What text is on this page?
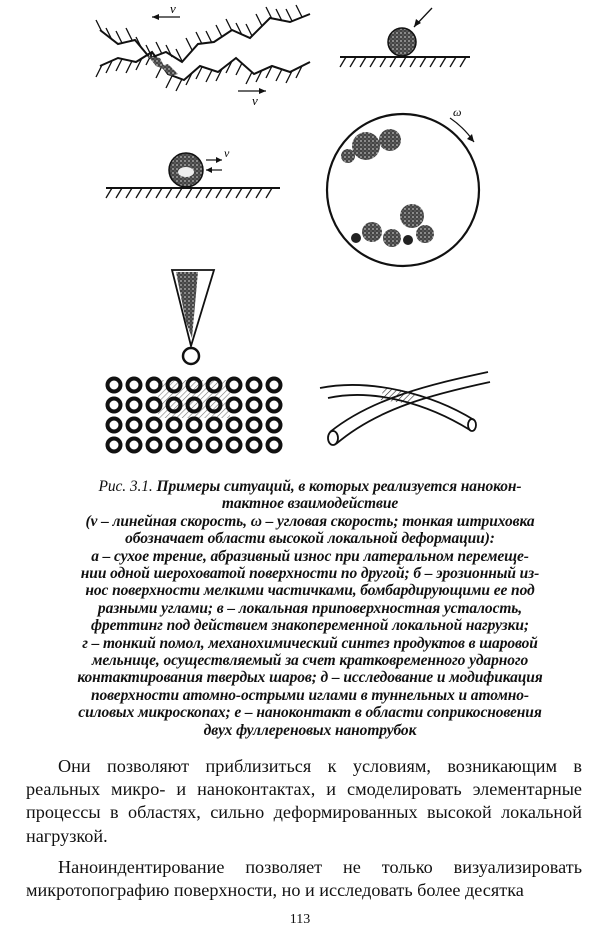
v
v
v
ω
Рис. 3.1. Примеры ситуаций, в которых реализуется нанокон-
тактное взаимодействие
(v – линейная скорость, ω – угловая скорость; тонкая штриховка
обозначает области высокой локальной деформации):
а – сухое трение, абразивный износ при латеральном перемеще-
нии одной шероховатой поверхности по другой; б – эрозионный из-
нос поверхности мелкими частичками, бомбардирующими ее под
разными углами; в – локальная приповерхностная усталость,
фреттинг под действием знакопеременной локальной нагрузки;
г – тонкий помол, механохимический синтез продуктов в шаровой
мельнице, осуществляемый за счет кратковременного ударного
контактирования твердых шаров; д – исследование и модификация
поверхности атомно-острыми иглами в туннельных и атомно-
силовых микроскопах; е – наноконтакт в области соприкосновения
двух фуллереновых нанотрубок

Они позволяют приблизиться к условиям, возникающим в реальных микро- и наноконтактах, и смоделировать элементарные процессы в областях, сильно деформированных высокой локальной нагрузкой.

Наноиндентирование позволяет не только визуализировать микротопографию поверхности, но и исследовать более десятка

113
